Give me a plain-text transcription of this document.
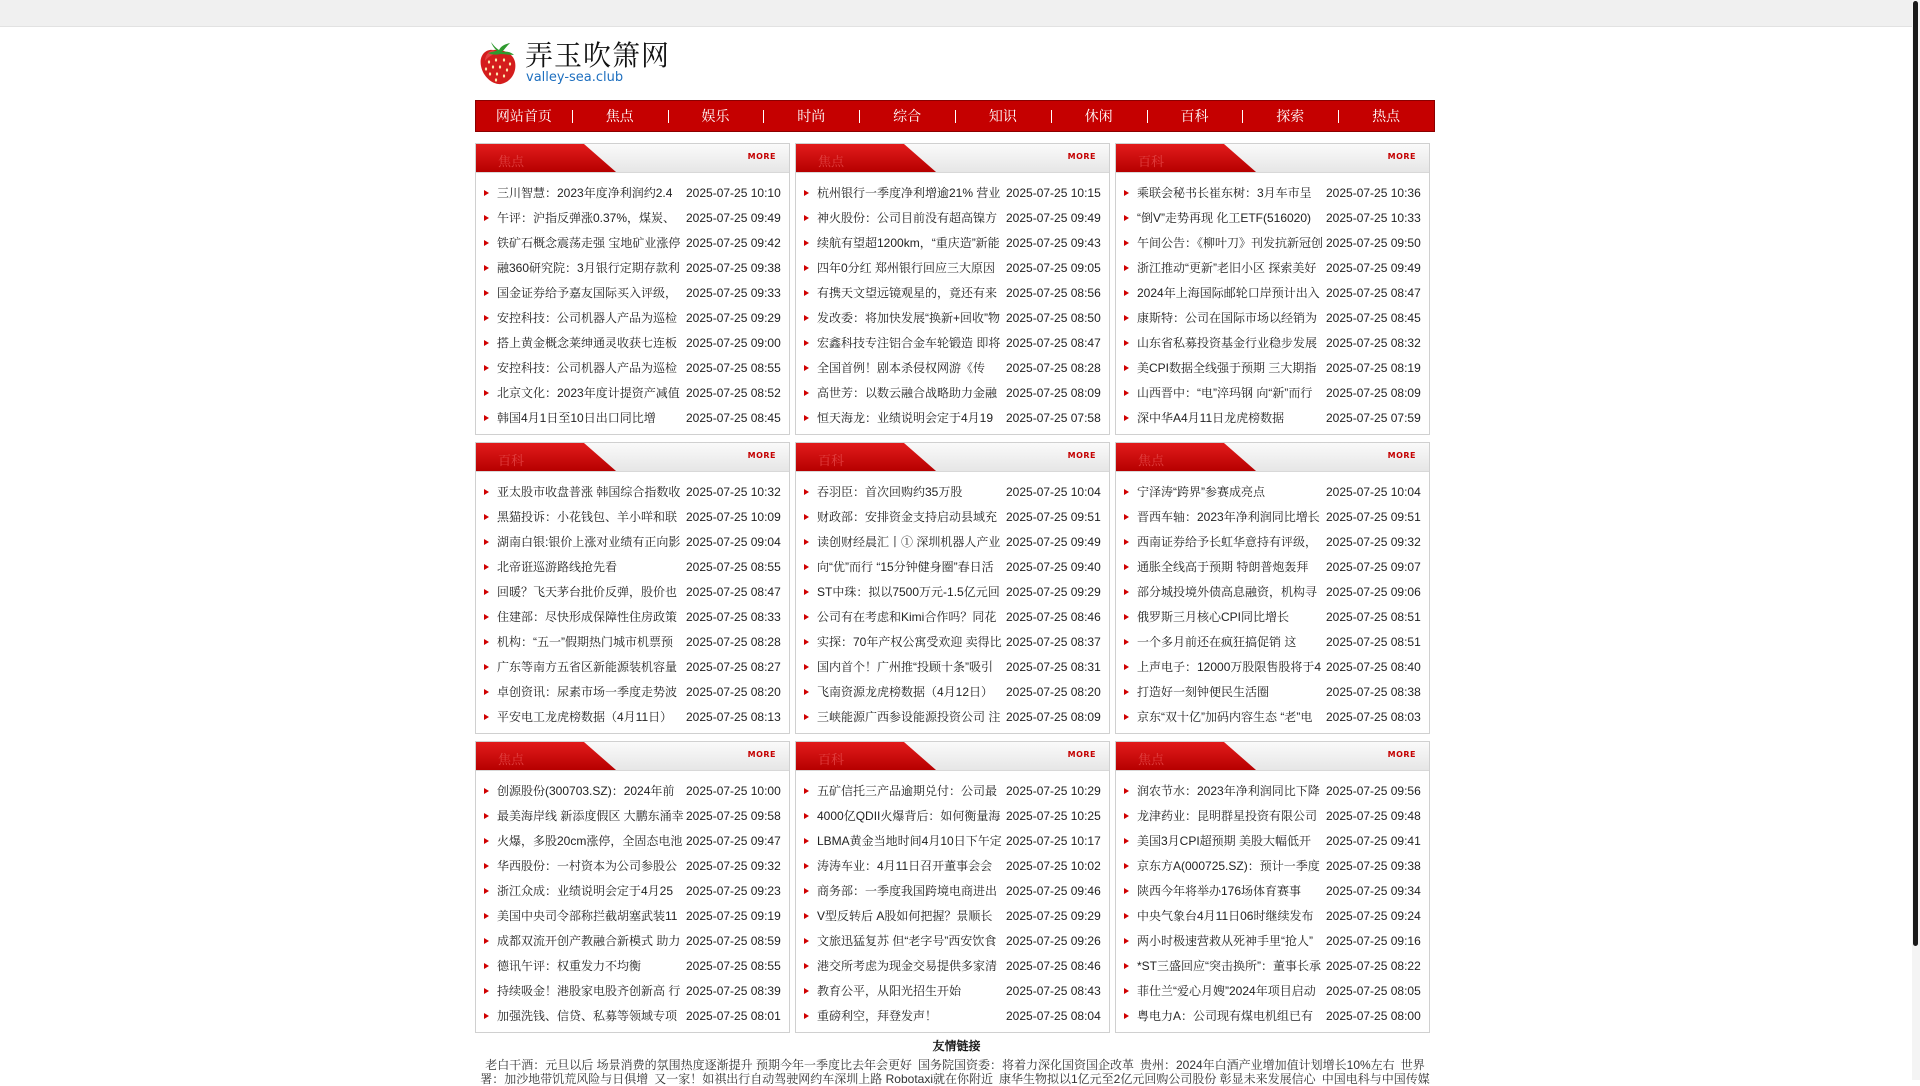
弄玉吹箫网
valley-sea.club
网站首页	焦点	娱乐	时尚	综合	知识	休闲	百科	探索	热点
焦点	MORE
三川智慧：2023年度净利润约2.4	2025-07-25 10:10
午评：沪指反弹涨0.37%，煤炭、 2025-07-25 09:49
铁矿石概念震荡走强 宝地矿业涨停 2025-07-25 09:42
融360研究院：3月银行定期存款利 2025-07-25 09:38
国金证券给予嘉友国际买入评级， 2025-07-25 09:33
安控科技：公司机器人产品为巡检 2025-07-25 09:29
搭上黄金概念莱绅通灵收获七连板 2025-07-25 09:00
安控科技：公司机器人产品为巡检 2025-07-25 08:55
北京文化：2023年度计提资产减值 2025-07-25 08:52
韩国4月1日至10日出口同比增	2025-07-25 08:45
焦点	MORE
杭州银行一季度净利增逾21% 营业 2025-07-25 10:15
神火股份：公司目前没有超高镍方 2025-07-25 09:49
续航有望超1200km，“重庆造”新能 2025-07-25 09:43
四年0分红 郑州银行回应三大原因 2025-07-25 09:05
有携天文望远镜观星的，竟还有来 2025-07-25 08:56
发改委：将加快发展“换新+回收”物 2025-07-25 08:50
宏鑫科技专注铝合金车轮锻造 即将 2025-07-25 08:47
全国首例！剧本杀侵权网游《传	2025-07-25 08:28
高世芳：以数云融合战略助力金融 2025-07-25 08:09
恒天海龙：业绩说明会定于4月19	2025-07-25 07:58
百科	MORE
乘联会秘书长崔东树：3月车市呈	2025-07-25 10:36
“倒V”走势再现 化工ETF(516020)	2025-07-25 10:33
午间公告：《柳叶刀》刊发抗新冠创 2025-07-25 09:50
浙江推动“更新”老旧小区 探索美好 2025-07-25 09:49
2024年上海国际邮轮口岸预计出入 2025-07-25 08:47
康斯特：公司在国际市场以经销为 2025-07-25 08:45
山东省私募投资基金行业稳步发展 2025-07-25 08:32
美CPI数据全线强于预期 三大期指 2025-07-25 08:19
山西晋中：“电”淬玛钢 向“新”而行	2025-07-25 08:09
深中华A4月11日龙虎榜数据	2025-07-25 07:59
百科	MORE
亚太股市收盘普涨 韩国综合指数收 2025-07-25 10:32
黑猫投诉：小花钱包、羊小咩和联 2025-07-25 10:09
湖南白银:银价上涨对业绩有正向影 2025-07-25 09:04
北帝诳巡游路线抢先看	2025-07-25 08:55
回暖？飞天茅台批价反弹，股价也 2025-07-25 08:47
住建部：尽快形成保障性住房政策 2025-07-25 08:33
机构：“五一”假期热门城市机票预	2025-07-25 08:28
广东等南方五省区新能源装机容量 2025-07-25 08:27
卓创资讯：尿素市场一季度走势波 2025-07-25 08:20
平安电工龙虎榜数据（4月11日）	2025-07-25 08:13
百科	MORE
吞羽臣：首次回购约35万股	2025-07-25 10:04
财政部：安排资金支持启动县域充 2025-07-25 09:51
读创财经晨汇丨① 深圳机器人产业 2025-07-25 09:49
向“优”而行 “15分钟健身圈”春日活	2025-07-25 09:40
ST中珠：拟以7500万元-1.5亿元回 2025-07-25 09:29
公司有在考虑和Kimi合作吗？同花 2025-07-25 08:46
实探：70年产权公寓受欢迎 卖得比 2025-07-25 08:37
国内首个！广州推“投顾十条”吸引	2025-07-25 08:31
飞南资源龙虎榜数据（4月12日）	2025-07-25 08:20
三峡能源广西参设能源投资公司 注 2025-07-25 08:09
焦点	MORE
宁泽涛“跨界”参赛成亮点	2025-07-25 10:04
晋西车轴：2023年净利润同比增长 2025-07-25 09:51
西南证券给予长虹华意持有评级， 2025-07-25 09:32
通胀全线高于预期 特朗普炮轰拜	2025-07-25 09:07
部分城投境外债高息融资，机构寻 2025-07-25 09:06
俄罗斯三月核心CPI同比增长	2025-07-25 08:51
一个多月前还在疯狂搞促销 这	2025-07-25 08:51
上声电子：12000万股限售股将于4 2025-07-25 08:40
打造好一刻钟便民生活圈	2025-07-25 08:38
京东“双十亿”加码内容生态 “老”电	2025-07-25 08:03
焦点	MORE
创源股份(300703.SZ)：2024年前 2025-07-25 10:00
最美海岸线 新添度假区 大鹏东涌幸 2025-07-25 09:58
火爆，多股20cm涨停，全固态电池 2025-07-25 09:47
华西股份：一村资本为公司参股公 2025-07-25 09:32
浙江众成：业绩说明会定于4月25	2025-07-25 09:23
美国中央司令部称拦截胡塞武装11 2025-07-25 09:19
成都双流开创产教融合新模式 助力 2025-07-25 08:59
德讯午评：权重发力不均衡	2025-07-25 08:55
持续吸金！港股家电股齐创新高 行 2025-07-25 08:39
加强洗钱、信贷、私募等领域专项 2025-07-25 08:01
百科	MORE
五矿信托三产品逾期兑付：公司最 2025-07-25 10:29
4000亿QDII火爆背后：如何衡量海 2025-07-25 10:25
LBMA黄金当地时间4月10日下午定 2025-07-25 10:17
涛涛车业：4月11日召开董事会会	2025-07-25 10:02
商务部：一季度我国跨境电商进出 2025-07-25 09:46
V型反转后 A股如何把握？景顺长	2025-07-25 09:29
文旅迅猛复苏 但“老字号”西安饮食 2025-07-25 09:26
港交所考虑为现金交易提供多家清 2025-07-25 08:46
教育公平，从阳光招生开始	2025-07-25 08:43
重磅利空，拜登发声！	2025-07-25 08:04
焦点	MORE
润农节水：2023年净利润同比下降 2025-07-25 09:56
龙津药业：昆明群星投资有限公司 2025-07-25 09:48
美国3月CPI超预期 美股大幅低开	2025-07-25 09:41
京东方A(000725.SZ)：预计一季度 2025-07-25 09:38
陕西今年将举办176场体育赛事	2025-07-25 09:34
中央气象台4月11日06时继续发布	2025-07-25 09:24
两小时极速营救从死神手里“抢人”	2025-07-25 09:16
*ST三盛回应“突击换所”：董事长承 2025-07-25 08:22
菲仕兰“爱心月嫂”2024年项目启动 2025-07-25 08:05
粤电力A：公司现有煤电机组已有	2025-07-25 08:00
友情链接
老白干酒：元旦以后 场景消费的氛围热度逐渐提升 预期今年一季度比去年会更好 国务院国资委：将着力深化国资国企改革 贵州：2024年白酒产业增加值计划增长10%左右 世界
署：加沙地带饥荒风险与日俱增 又一家！如祺出行自动驾驶网约车深圳上路 Robotaxi就在你附近 康华生物拟以1亿元至2亿元回购公司股份 彰显未来发展信心 中国电科与中国传媒
